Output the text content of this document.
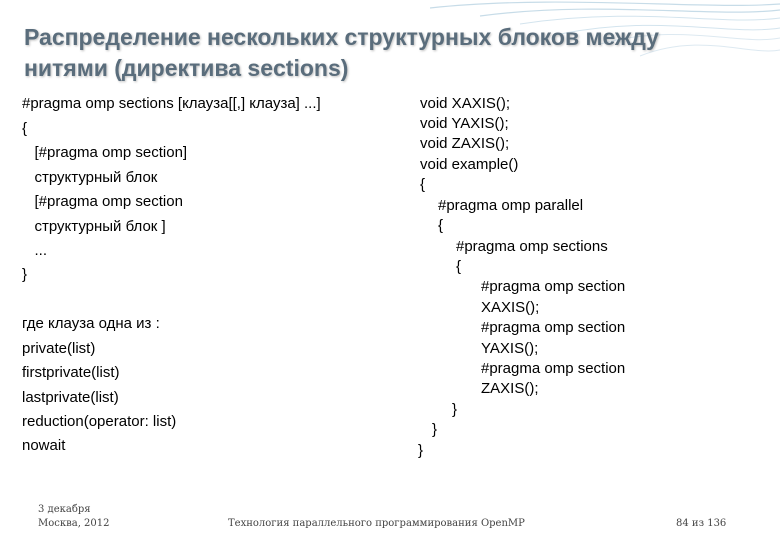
Распределение нескольких структурных блоков между нитями (директива sections)
#pragma omp sections [клауза[[,] клауза] ...]
{
[#pragma omp section]
структурный блок
[#pragma omp section
структурный блок ]
...
}
где клауза одна из :
private(list)
firstprivate(list)
lastprivate(list)
reduction(operator: list)
nowait
void XAXIS();
void YAXIS();
void ZAXIS();
void example()
{
#pragma omp parallel
{
#pragma omp sections
{
#pragma omp section
XAXIS();
#pragma omp section
YAXIS();
#pragma omp section
ZAXIS();
}
}
}
3 декабря
Москва, 2012	Технология параллельного программирования OpenMP	84 из 136
